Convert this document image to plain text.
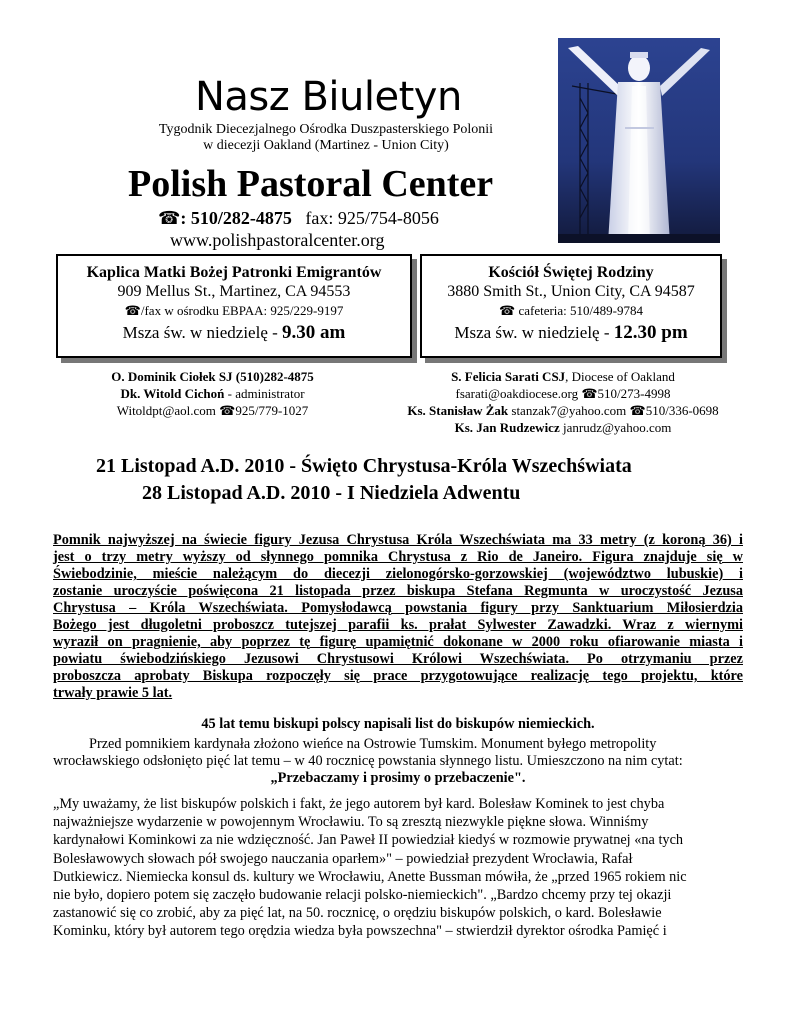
Nasz Biuletyn
Tygodnik Diecezjalnego Ośrodka Duszpasterskiego Polonii
w diecezji Oakland (Martinez - Union City)
Polish Pastoral Center
☎: 510/282-4875 fax: 925/754-8056
www.polishpastoralcenter.org
Kaplica Matki Bożej Patronki Emigrantów
909 Mellus St., Martinez, CA 94553
☎/fax w ośrodku EBPAA: 925/229-9197
Msza św. w niedzielę - 9.30 am
Kościół Świętej Rodziny
3880 Smith St., Union City, CA 94587
☎ cafeteria: 510/489-9784
Msza św. w niedzielę - 12.30 pm
O. Dominik Ciołek SJ (510)282-4875
Dk. Witold Cichoń - administrator
Witoldpt@aol.com ☎925/779-1027
S. Felicia Sarati CSJ, Diocese of Oakland
fsarati@oakdiocese.org ☎510/273-4998
Ks. Stanisław Żak stanzak7@yahoo.com ☎510/336-0698
Ks. Jan Rudzewicz janrudz@yahoo.com
21 Listopad A.D. 2010 - Święto Chrystusa-Króla Wszechświata
28 Listopad A.D. 2010 - I Niedziela Adwentu
Pomnik najwyższej na świecie figury Jezusa Chrystusa Króla Wszechświata ma 33 metry (z koroną 36) i
jest o trzy metry wyższy od słynnego pomnika Chrystusa z Rio de Janeiro. Figura znajduje się w
Świebodzinie, mieście należącym do diecezji zielonogórsko-gorzowskiej (województwo lubuskie) i
zostanie uroczyście poświęcona 21 listopada przez biskupa Stefana Regmunta w uroczystość Jezusa
Chrystusa – Króla Wszechświata. Pomysłodawcą powstania figury przy Sanktuarium Miłosierdzia
Bożego jest długoletni proboszcz tutejszej parafii ks. prałat Sylwester Zawadzki. Wraz z wiernymi
wyraził on pragnienie, aby poprzez tę figurę upamiętnić dokonane w 2000 roku ofiarowanie miasta i
powiatu świebodzińskiego Jezusowi Chrystusowi Królowi Wszechświata. Po otrzymaniu przez
proboszcza aprobaty Biskupa rozpoczęły się prace przygotowujące realizację tego projektu, które
trwały prawie 5 lat.
45 lat temu biskupi polscy napisali list do biskupów niemieckich.
Przed pomnikiem kardynała złożono wieńce na Ostrowie Tumskim. Monument byłego metropolity
wrocławskiego odsłonięto pięć lat temu – w 40 rocznicę powstania słynnego listu. Umieszczono na nim cytat:
„Przebaczamy i prosimy o przebaczenie".
„My uważamy, że list biskupów polskich i fakt, że jego autorem był kard. Bolesław Kominek to jest chyba
najważniejsze wydarzenie w powojennym Wrocławiu. To są zresztą niezwykle piękne słowa. Winniśmy
kardynałowi Kominkowi za nie wdzięczność. Jan Paweł II powiedział kiedyś w rozmowie prywatnej «na tych
Bolesławowych słowach pół swojego nauczania oparłem»" – powiedział prezydent Wrocławia, Rafał
Dutkiewicz. Niemiecka konsul ds. kultury we Wrocławiu, Anette Bussman mówiła, że „przed 1965 rokiem nic
nie było, dopiero potem się zaczęło budowanie relacji polsko-niemieckich". „Bardzo chcemy przy tej okazji
zastanowić się co zrobić, aby za pięć lat, na 50. rocznicę, o orędziu biskupów polskich, o kard. Bolesławie
Kominku, który był autorem tego orędzia wiedza była powszechna" – stwierdził dyrektor ośrodka Pamięć i
